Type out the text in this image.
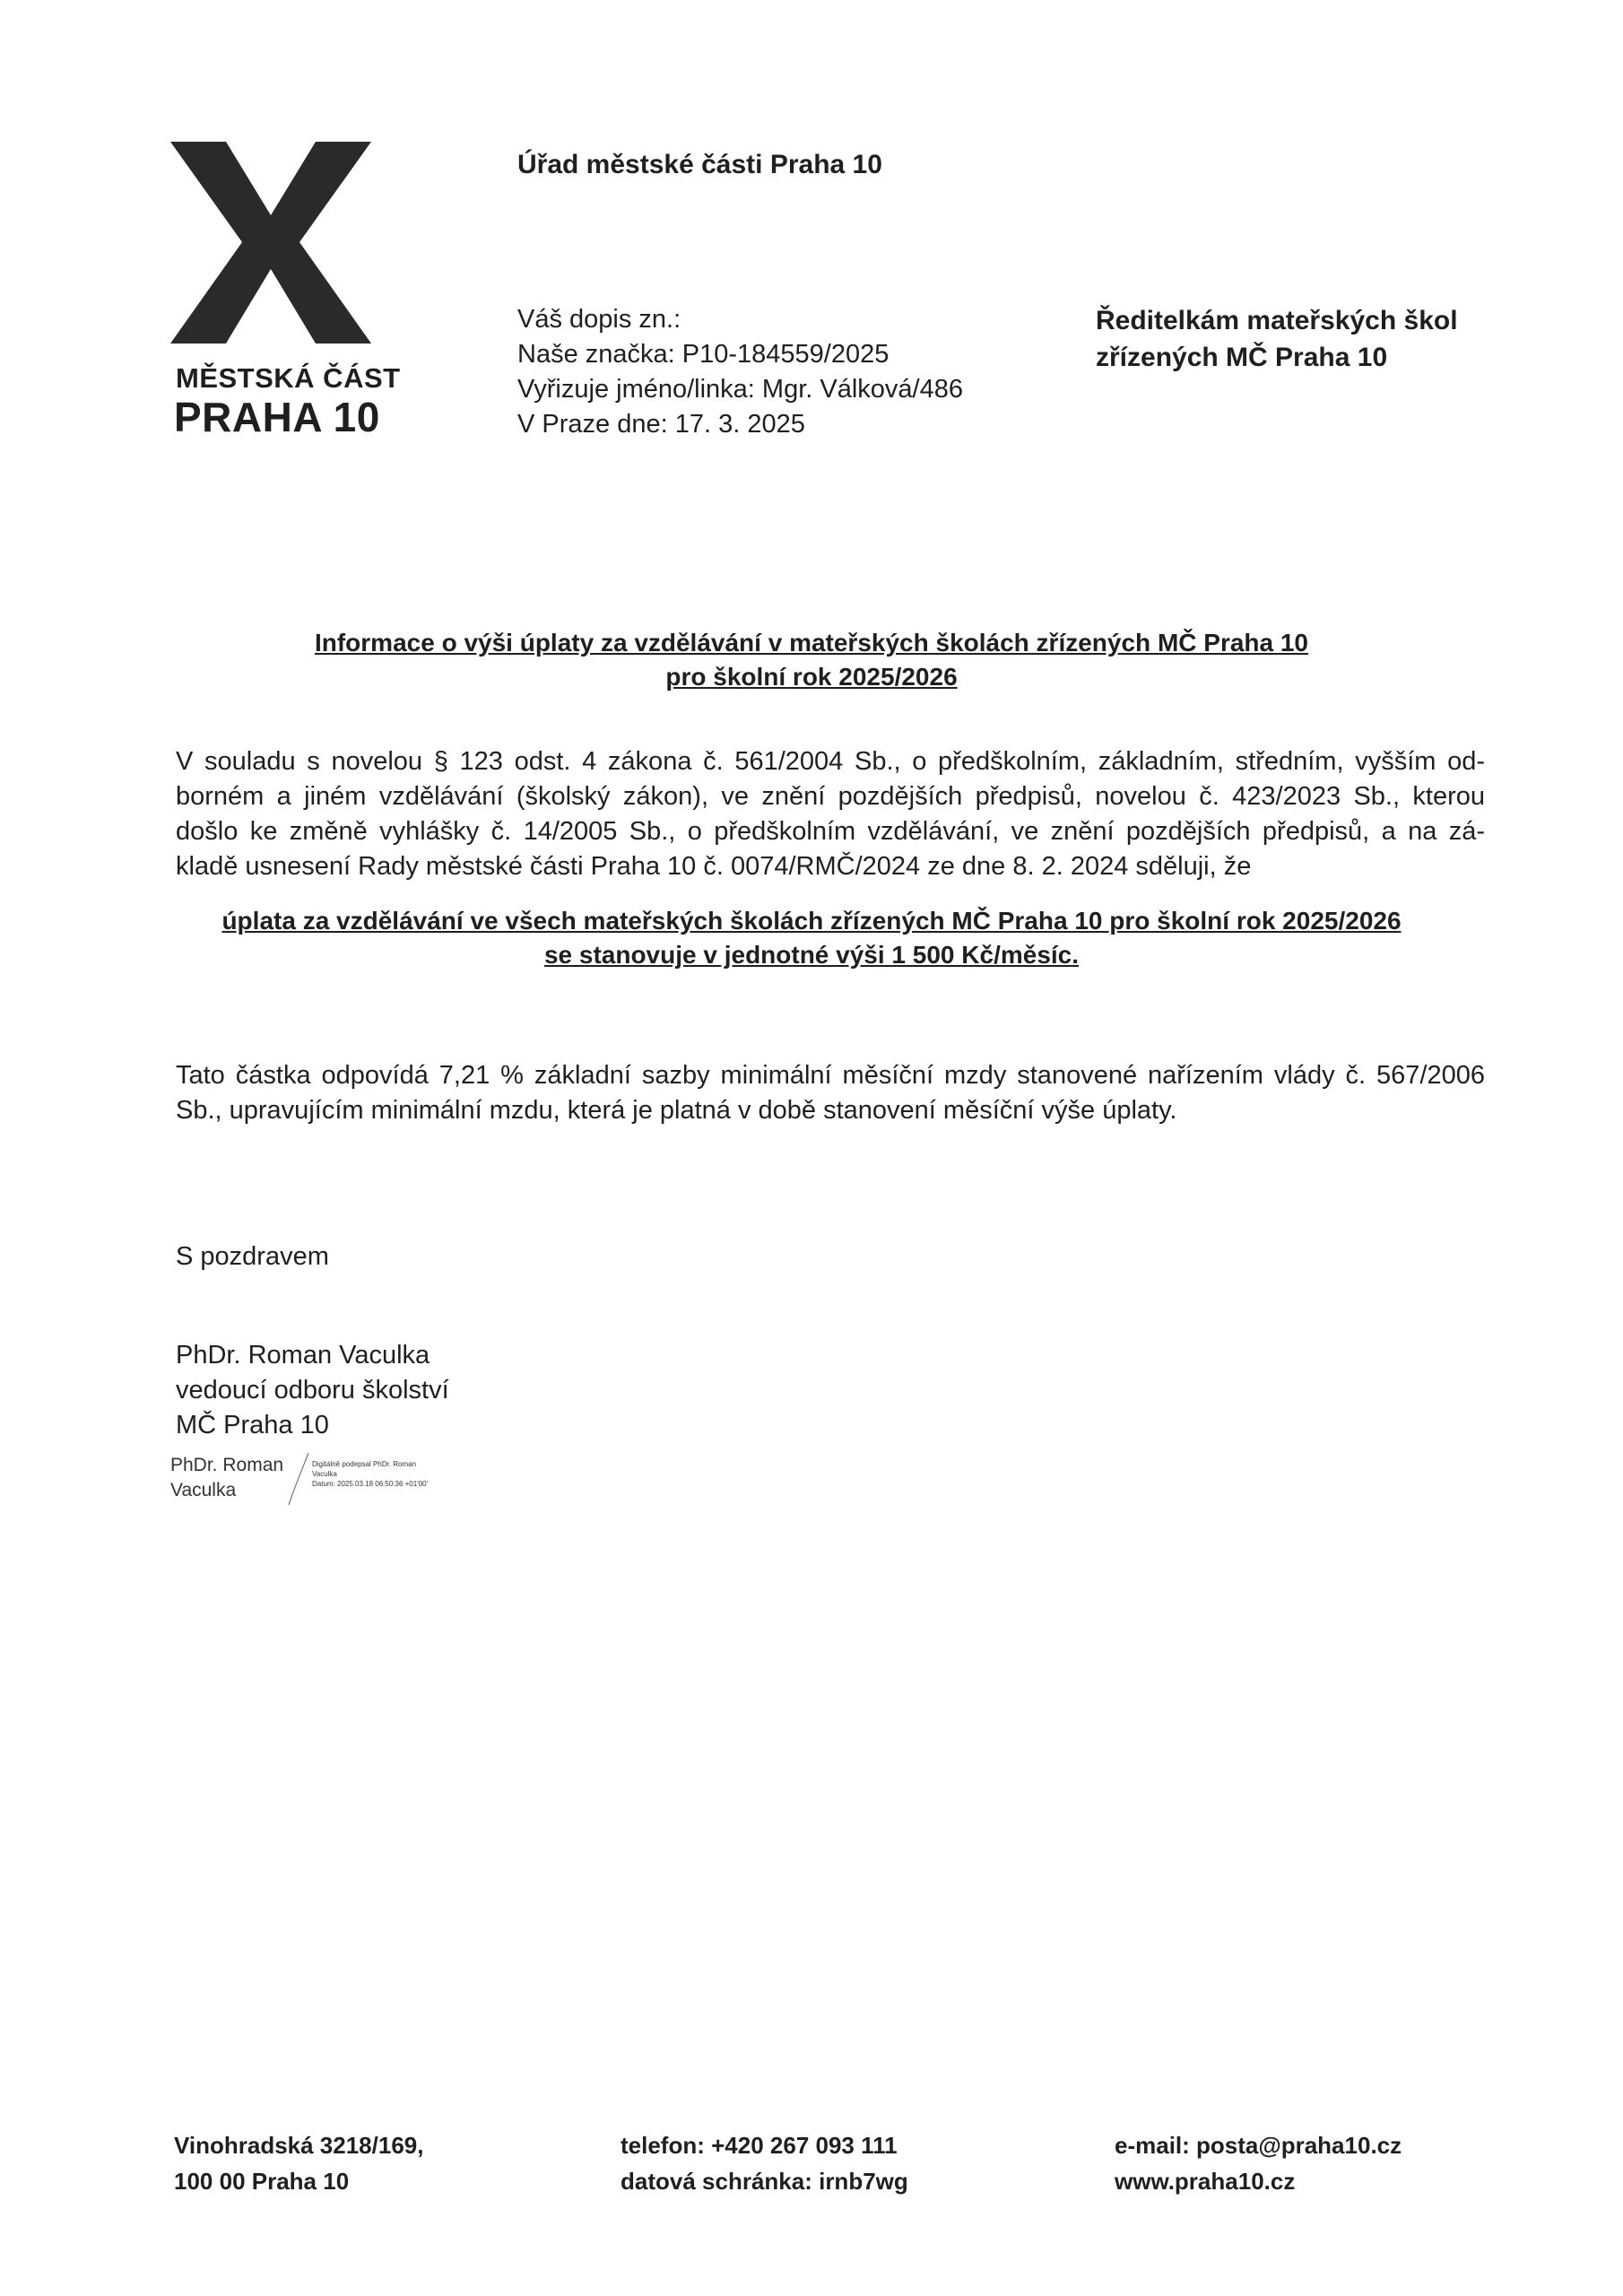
MĚSTSKÁ ČÁST
PRAHA 10
Úřad městské části Praha 10
Váš dopis zn.:
Naše značka: P10-184559/2025
Vyřizuje jméno/linka: Mgr. Válková/486
V Praze dne: 17. 3. 2025
Ředitelkám mateřských škol
zřízených MČ Praha 10
Informace o výši úplaty za vzdělávání v mateřských školách zřízených MČ Praha 10
pro školní rok 2025/2026
V souladu s novelou § 123 odst. 4 zákona č. 561/2004 Sb., o předškolním, základním, středním, vyšším od-
borném a jiném vzdělávání (školský zákon), ve znění pozdějších předpisů, novelou č. 423/2023 Sb., kterou
došlo ke změně vyhlášky č. 14/2005 Sb., o předškolním vzdělávání, ve znění pozdějších předpisů, a na zá-
kladě usnesení Rady městské části Praha 10 č. 0074/RMČ/2024 ze dne 8. 2. 2024 sděluji, že
úplata za vzdělávání ve všech mateřských školách zřízených MČ Praha 10 pro školní rok 2025/2026
se stanovuje v jednotné výši 1 500 Kč/měsíc.
Tato částka odpovídá 7,21 % základní sazby minimální měsíční mzdy stanovené nařízením vlády č. 567/2006
Sb., upravujícím minimální mzdu, která je platná v době stanovení měsíční výše úplaty.
S pozdravem
PhDr. Roman Vaculka
vedoucí odboru školství
MČ Praha 10
PhDr. Roman
Vaculka
Digitálně podepsal PhDr. Roman
Vaculka
Datum: 2025.03.18 06:50:36 +01'00'
Vinohradská 3218/169,
100 00 Praha 10
telefon: +420 267 093 111
datová schránka: irnb7wg
e-mail: posta@praha10.cz
www.praha10.cz
